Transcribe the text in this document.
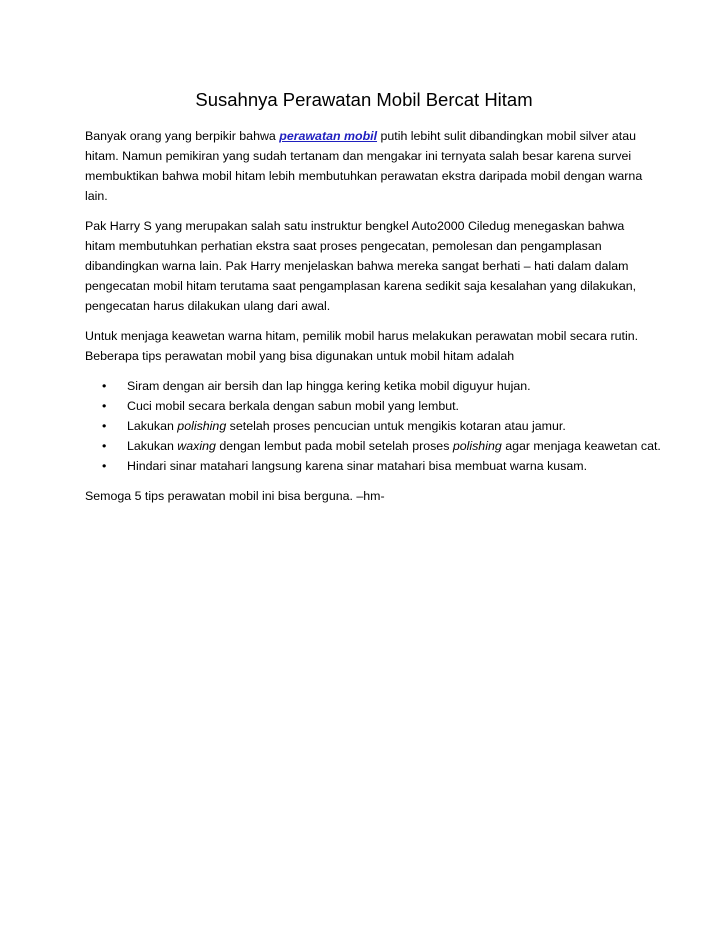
Susahnya Perawatan Mobil Bercat Hitam

Banyak orang yang berpikir bahwa perawatan mobil putih lebiht sulit dibandingkan mobil silver atau hitam. Namun pemikiran yang sudah tertanam dan mengakar ini ternyata salah besar karena survei membuktikan bahwa mobil hitam lebih membutuhkan perawatan ekstra daripada mobil dengan warna lain.

Pak Harry S yang merupakan salah satu instruktur bengkel Auto2000 Ciledug menegaskan bahwa hitam membutuhkan perhatian ekstra saat proses pengecatan, pemolesan dan pengamplasan dibandingkan warna lain. Pak Harry menjelaskan bahwa mereka sangat berhati – hati dalam dalam pengecatan mobil hitam terutama saat pengamplasan karena sedikit saja kesalahan yang dilakukan, pengecatan harus dilakukan ulang dari awal.

Untuk menjaga keawetan warna hitam, pemilik mobil harus melakukan perawatan mobil secara rutin. Beberapa tips perawatan mobil yang bisa digunakan untuk mobil hitam adalah

• Siram dengan air bersih dan lap hingga kering ketika mobil diguyur hujan.
• Cuci mobil secara berkala dengan sabun mobil yang lembut.
• Lakukan polishing setelah proses pencucian untuk mengikis kotaran atau jamur.
• Lakukan waxing dengan lembut pada mobil setelah proses polishing agar menjaga keawetan cat.
• Hindari sinar matahari langsung karena sinar matahari bisa membuat warna kusam.

Semoga 5 tips perawatan mobil ini bisa berguna. –hm-
